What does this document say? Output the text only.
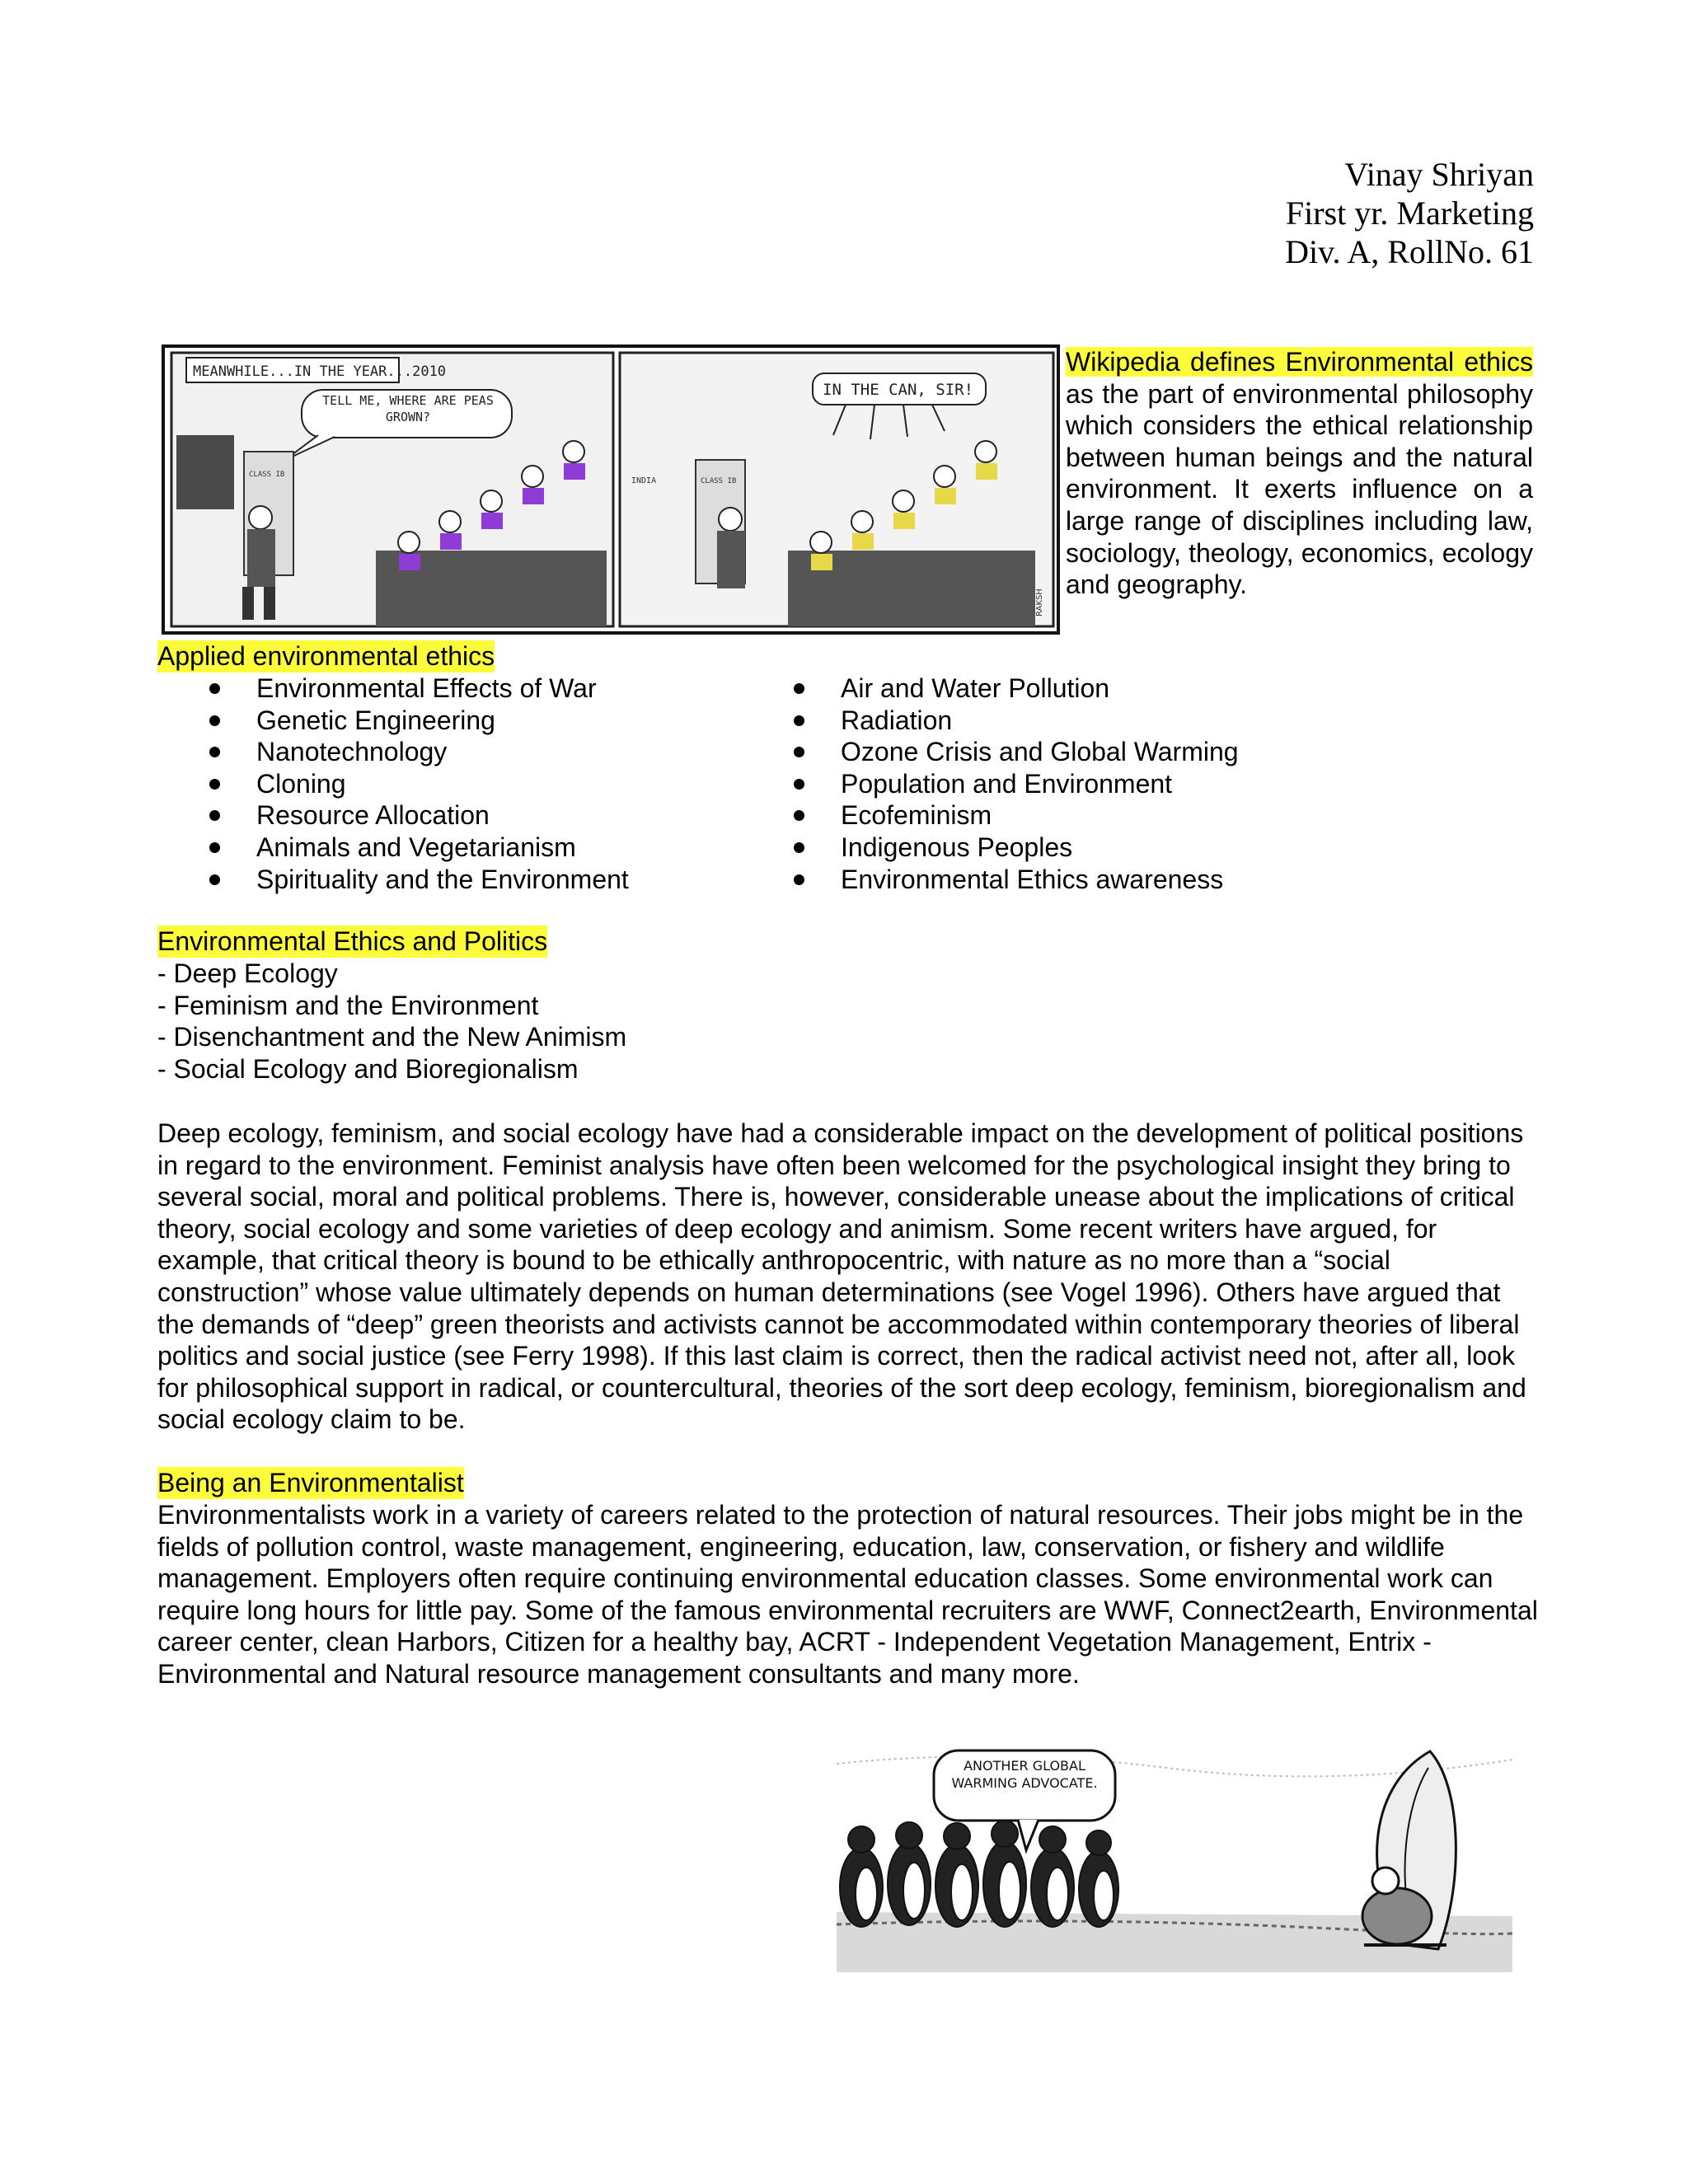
Vinay Shriyan
First yr. Marketing
Div. A, RollNo. 61
MEANWHILE...IN THE YEAR...2010
TELL ME, WHERE ARE PEAS GROWN?
CLASS IB
INDIA	CLASS IB
IN THE CAN, SIR!
RAKSH
Wikipedia defines Environmental ethics as the part of environmental philosophy which considers the ethical relationship between human beings and the natural environment. It exerts influence on a large range of disciplines including law, sociology, theology, economics, ecology and geography.
Applied environmental ethics
Environmental Effects of War
Genetic Engineering
Nanotechnology
Cloning
Resource Allocation
Animals and Vegetarianism
Spirituality and the Environment
Air and Water Pollution
Radiation
Ozone Crisis and Global Warming
Population and Environment
Ecofeminism
Indigenous Peoples
Environmental Ethics awareness
Environmental Ethics and Politics
- Deep Ecology
- Feminism and the Environment
- Disenchantment and the New Animism
- Social Ecology and Bioregionalism
Deep ecology, feminism, and social ecology have had a considerable impact on the development of political positions in regard to the environment. Feminist analysis have often been welcomed for the psychological insight they bring to several social, moral and political problems. There is, however, considerable unease about the implications of critical theory, social ecology and some varieties of deep ecology and animism. Some recent writers have argued, for example, that critical theory is bound to be ethically anthropocentric, with nature as no more than a “social construction” whose value ultimately depends on human determinations (see Vogel 1996). Others have argued that the demands of “deep” green theorists and activists cannot be accommodated within contemporary theories of liberal politics and social justice (see Ferry 1998). If this last claim is correct, then the radical activist need not, after all, look for philosophical support in radical, or countercultural, theories of the sort deep ecology, feminism, bioregionalism and social ecology claim to be.
Being an Environmentalist
Environmentalists work in a variety of careers related to the protection of natural resources. Their jobs might be in the fields of pollution control, waste management, engineering, education, law, conservation, or fishery and wildlife management. Employers often require continuing environmental education classes. Some environmental work can require long hours for little pay. Some of the famous environmental recruiters are WWF, Connect2earth, Environmental career center, clean Harbors, Citizen for a healthy bay, ACRT - Independent Vegetation Management, Entrix - Environmental and Natural resource management consultants and many more.
ANOTHER GLOBAL WARMING ADVOCATE.
